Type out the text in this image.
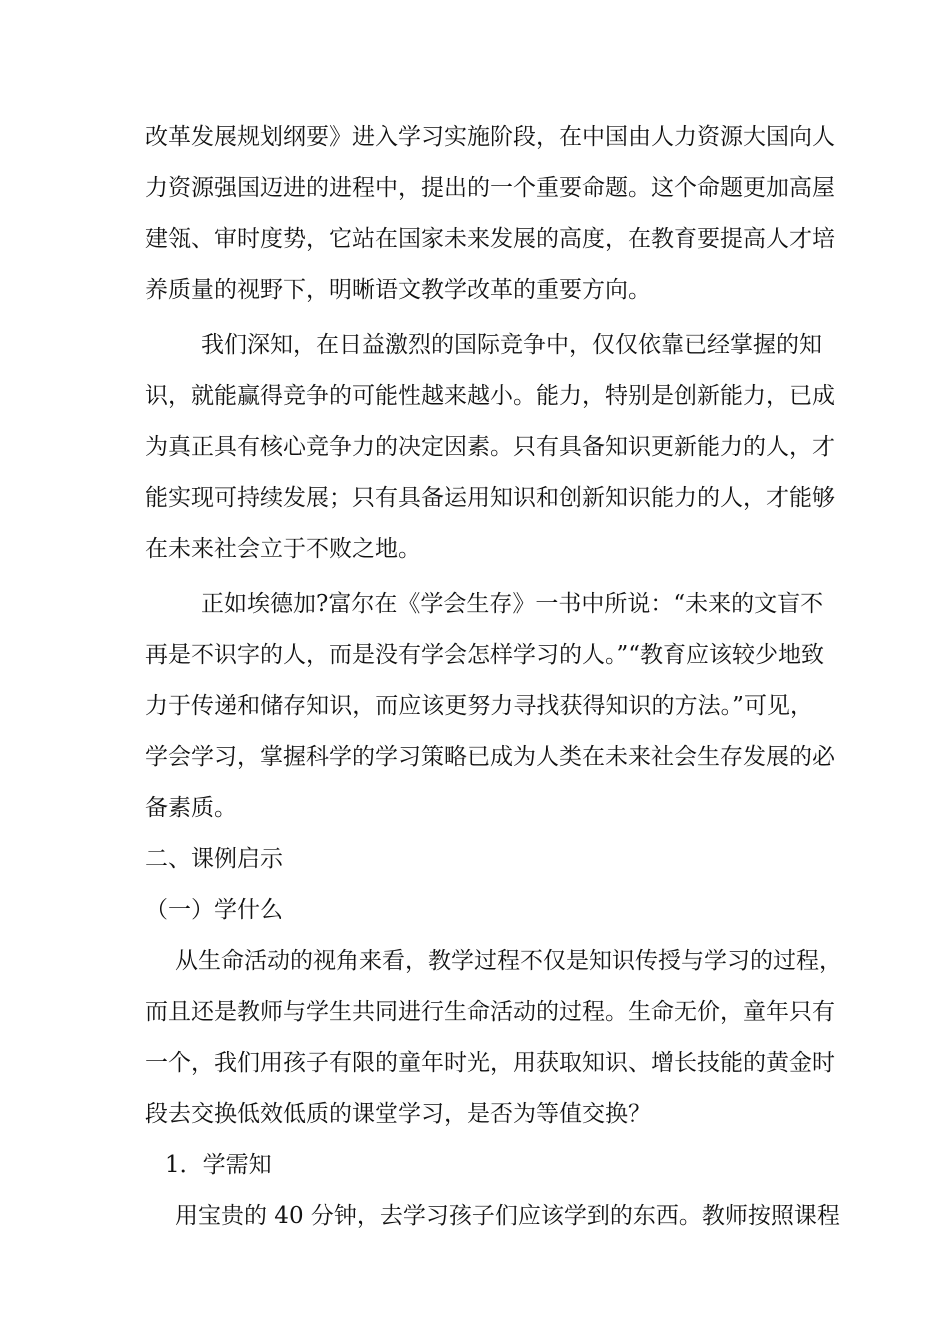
改革发展规划纲要》进入学习实施阶段，在中国由人力资源大国向人
力资源强国迈进的进程中，提出的一个重要命题。这个命题更加高屋
建瓴、审时度势，它站在国家未来发展的高度，在教育要提高人才培
养质量的视野下，明晰语文教学改革的重要方向。
我们深知，在日益激烈的国际竞争中，仅仅依靠已经掌握的知
识，就能赢得竞争的可能性越来越小。能力，特别是创新能力，已成
为真正具有核心竞争力的决定因素。只有具备知识更新能力的人，才
能实现可持续发展；只有具备运用知识和创新知识能力的人，才能够
在未来社会立于不败之地。
正如埃德加?富尔在《学会生存》一书中所说：“未来的文盲不
再是不识字的人，而是没有学会怎样学习的人。”“教育应该较少地致
力于传递和储存知识，而应该更努力寻找获得知识的方法。”可见，
学会学习，掌握科学的学习策略已成为人类在未来社会生存发展的必
备素质。
二、课例启示
（一）学什么
从生命活动的视角来看，教学过程不仅是知识传授与学习的过程，
而且还是教师与学生共同进行生命活动的过程。生命无价，童年只有
一个，我们用孩子有限的童年时光，用获取知识、增长技能的黄金时
段去交换低效低质的课堂学习，是否为等值交换？
1．学需知
用宝贵的 40 分钟，去学习孩子们应该学到的东西。教师按照课程
